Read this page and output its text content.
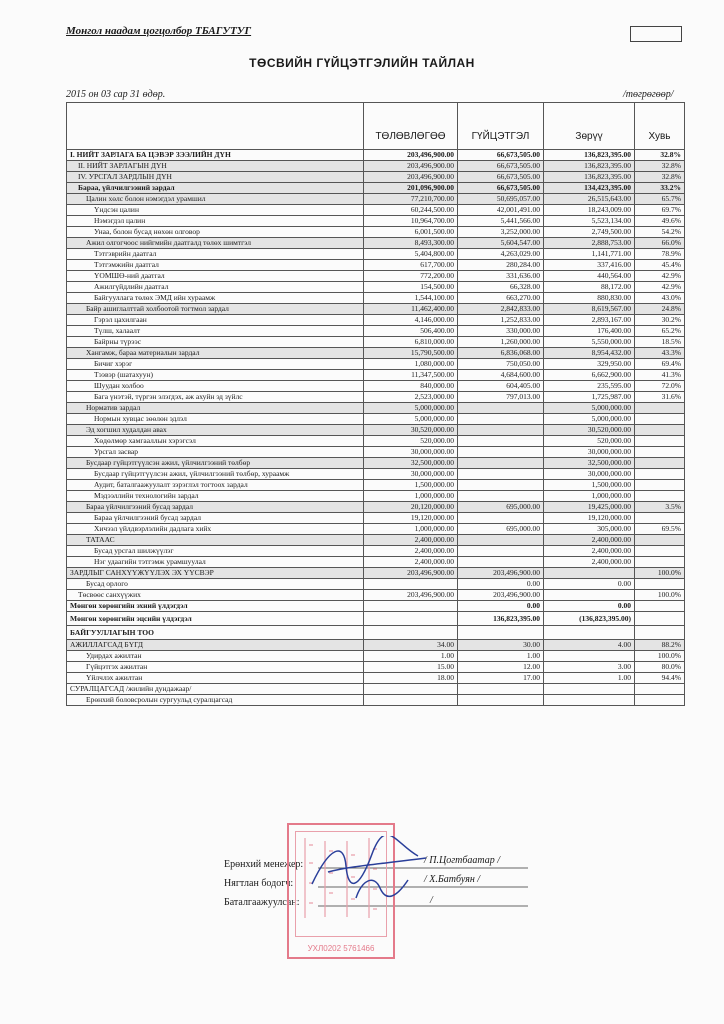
Монгол наадам цогцолбор ТБАГУТУГ
ТӨСВИЙН ГҮЙЦЭТГЭЛИЙН ТАЙЛАН
2015 он 03 сар 31 өдөр.	/төгрөгөөр/
	ТӨЛӨВЛӨГӨӨ	ГҮЙЦЭТГЭЛ	Зөрүү	Хувь
I. НИЙТ ЗАРЛАГА БА ЦЭВЭР ЗЭЭЛИЙН ДҮН	203,496,900.00	66,673,505.00	136,823,395.00	32.8%
II. НИЙТ ЗАРЛАГЫН ДҮН	203,496,900.00	66,673,505.00	136,823,395.00	32.8%
IV. УРСГАЛ ЗАРДЛЫН ДҮН	203,496,900.00	66,673,505.00	136,823,395.00	32.8%
Бараа, үйлчилгээний зардал	201,096,900.00	66,673,505.00	134,423,395.00	33.2%
Цалин хөлс болон нэмэгдэл урамшил	77,210,700.00	50,695,057.00	26,515,643.00	65.7%
Үндсэн цалин	60,244,500.00	42,001,491.00	18,243,009.00	69.7%
Нэмэгдэл цалин	10,964,700.00	5,441,566.00	5,523,134.00	49.6%
Унаа, болон бусад нөхөн олговор	6,001,500.00	3,252,000.00	2,749,500.00	54.2%
Ажил олгогчоос нийгмийн даатгалд төлөх шимтгэл	8,493,300.00	5,604,547.00	2,888,753.00	66.0%
Тэтгэврийн даатгал	5,404,800.00	4,263,029.00	1,141,771.00	78.9%
Тэтгэмжийн даатгал	617,700.00	280,284.00	337,416.00	45.4%
ҮОМШӨ-ний даатгал	772,200.00	331,636.00	440,564.00	42.9%
Ажилгүйдлийн даатгал	154,500.00	66,328.00	88,172.00	42.9%
Байгууллага төлөх ЭМД ийн хураамж	1,544,100.00	663,270.00	880,830.00	43.0%
Байр ашиглалттай холбоотой тогтмол зардал	11,462,400.00	2,842,833.00	8,619,567.00	24.8%
Гэрэл цахилгаан	4,146,000.00	1,252,833.00	2,893,167.00	30.2%
Түлш, халаалт	506,400.00	330,000.00	176,400.00	65.2%
Байрны түрээс	6,810,000.00	1,260,000.00	5,550,000.00	18.5%
Хангамж, бараа материалын зардал	15,790,500.00	6,836,068.00	8,954,432.00	43.3%
Бичиг хэрэг	1,080,000.00	750,050.00	329,950.00	69.4%
Тээвэр (шатахуун)	11,347,500.00	4,684,600.00	6,662,900.00	41.3%
Шуудан холбоо	840,000.00	604,405.00	235,595.00	72.0%
Бага үнэтэй, түргэн элэгдэх, аж ахуйн эд зүйлс	2,523,000.00	797,013.00	1,725,987.00	31.6%
Норматив зардал	5,000,000.00		5,000,000.00	
Нормын хувцас зөөлөн эдлэл	5,000,000.00		5,000,000.00	
Эд хогшил худалдан авах	30,520,000.00		30,520,000.00	
Хөдөлмөр хамгааллын хэрэгсэл	520,000.00		520,000.00	
Урсгал засвар	30,000,000.00		30,000,000.00	
Бусдаар гүйцэтгүүлсэн ажил, үйлчилгээний төлбөр	32,500,000.00		32,500,000.00	
Бусдаар гүйцэтгүүлсэн ажил, үйлчилгээний төлбөр, хураамж	30,000,000.00		30,000,000.00	
Аудит, баталгаажуулалт зэрэглэл тогтоох зардал	1,500,000.00		1,500,000.00	
Мэдээллийн технологийн зардал	1,000,000.00		1,000,000.00	
Бараа үйлчилгээний бусад зардал	20,120,000.00	695,000.00	19,425,000.00	3.5%
Бараа үйлчилгээний бусад зардал	19,120,000.00		19,120,000.00	
Хичээл үйлдвэрлэлийн дадлага хийх	1,000,000.00	695,000.00	305,000.00	69.5%
ТАТААС	2,400,000.00		2,400,000.00	
Бусад урсгал шилжүүлэг	2,400,000.00		2,400,000.00	
Нэг удаагийн тэтгэмж урамшуулал	2,400,000.00		2,400,000.00	
ЗАРДЛЫГ САНХҮҮЖҮҮЛЭХ ЭХ ҮҮСВЭР	203,496,900.00	203,496,900.00		100.0%
Бусад орлого		0.00	0.00	
Төсвөөс санхүүжих	203,496,900.00	203,496,900.00		100.0%
Мөнгөн хөрөнгийн эхний үлдэгдэл		0.00	0.00	
Мөнгөн хөрөнгийн эцсийн үлдэгдэл		136,823,395.00	(136,823,395.00)	
БАЙГУУЛЛАГЫН ТОО				
АЖИЛЛАГСАД БҮГД	34.00	30.00	4.00	88.2%
Удирдах ажилтан	1.00	1.00		100.0%
Гүйцэтгэх ажилтан	15.00	12.00	3.00	80.0%
Үйлчлэх ажилтан	18.00	17.00	1.00	94.4%
СУРАЛЦАГСАД /жилийн дундажаар/				
Ерөнхий боловсролын сургуульд суралцагсад				
Ерөнхий менежер:	/ П.Цогтбаатар /
Нягтлан бодогч:	/ Х.Батбуян /
Баталгаажуулсан:	/
УХЛ0202 5761466
